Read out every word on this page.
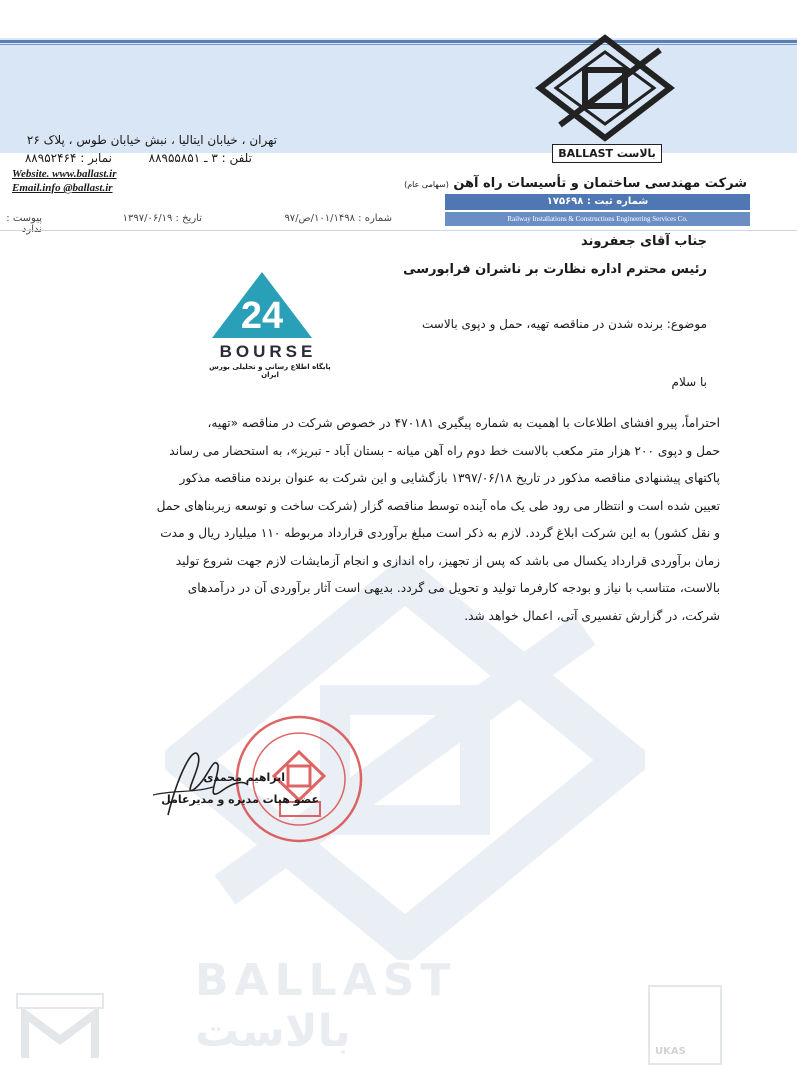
BALLAST بالاست
تهران ، خیابان ایتالیا ، نبش خیابان طوس ، پلاک ۲۶
تلفن : ۳ ـ ۸۸۹۵۵۸۵۱
نمابر : ۸۸۹۵۲۴۶۴
Website. www.ballast.ir
Email.info @ballast.ir	شرکت مهندسی ساختمان و تأسیسات راه آهن (سهامی عام)
شماره ثبت : ۱۷۵۶۹۸
Railway Installations & Constructions Engineering Services Co.
شماره : ۱۰۱/۱۴۹۸/ص/۹۷
تاریخ : ۱۳۹۷/۰۶/۱۹
پیوست :
BALLAST بالاست
جناب آقای جعفروند
رئیس محترم اداره نظارت بر ناشران فرابورسی
24
BOURSE
پایگاه اطلاع رسانی و تحلیلی بورس ایران
موضوع: برنده شدن در مناقصه تهیه، حمل و دپوی بالاست
با سلام

احتراماً، پیرو افشای اطلاعات با اهمیت به شماره پیگیری ۴۷۰۱۸۱ در خصوص شرکت در مناقصه «تهیه،

حمل و دپوی ۲۰۰ هزار متر مکعب بالاست خط دوم راه آهن میانه - بستان آباد - تبریز»، به استحضار می رساند

پاکتهای پیشنهادی مناقصه مذکور در تاریخ ۱۳۹۷/۰۶/۱۸ بازگشایی و این شرکت به عنوان برنده مناقصه مذکور

تعیین شده است و انتظار می رود طی یک ماه آینده توسط مناقصه گزار (شرکت ساخت و توسعه زیربناهای حمل

و نقل کشور) به این شرکت ابلاغ گردد. لازم به ذکر است مبلغ برآوردی قرارداد مربوطه ۱۱۰ میلیارد ریال و مدت

زمان برآوردی قرارداد یکسال می باشد که پس از تجهیز، راه اندازی و انجام آزمایشات لازم جهت شروع تولید

بالاست، متناسب با نیاز و بودجه کارفرما تولید و تحویل می گردد. بدیهی است آثار برآوردی آن در درآمدهای

شرکت، در گزارش تفسیری آتی، اعمال خواهد شد.

ابراهیم محمدی
عضو هیات مدیره و مدیرعامل
UKAS
